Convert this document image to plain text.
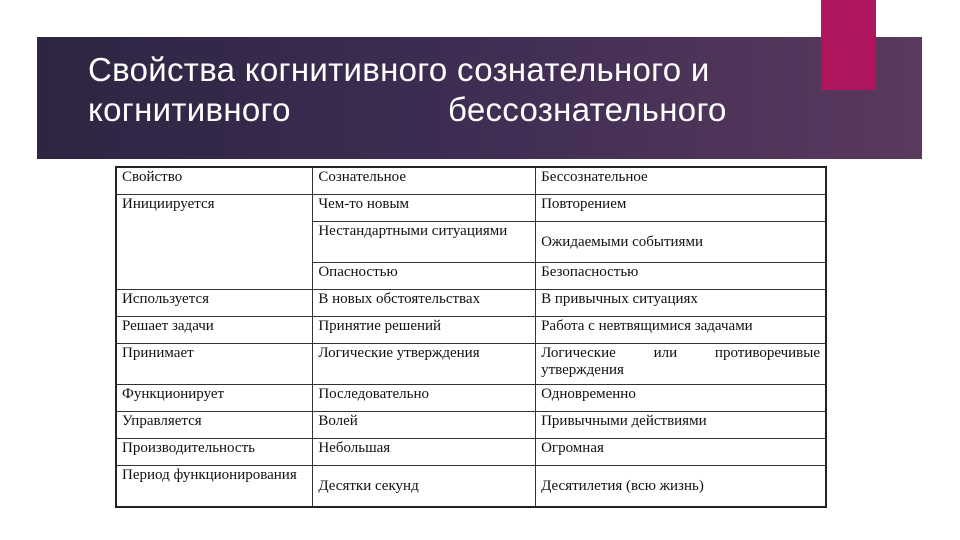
Свойства когнитивного сознательного и
когнитивного	бессознательного
Свойство	Сознательное	Бессознательное
Инициируется	Чем-то новым	Повторением
	Нестандартными ситуациями	Ожидаемыми событиями
	Опасностью	Безопасностью
Используется	В новых обстоятельствах	В привычных ситуациях
Решает задачи	Принятие решений	Работа с невтвящимися задачами
Принимает	Логические утверждения	Логические или противоречивые утверждения
Функционирует	Последовательно	Одновременно
Управляется	Волей	Привычными действиями
Производительность	Небольшая	Огромная
Период функционирования	Десятки секунд	Десятилетия (всю жизнь)
